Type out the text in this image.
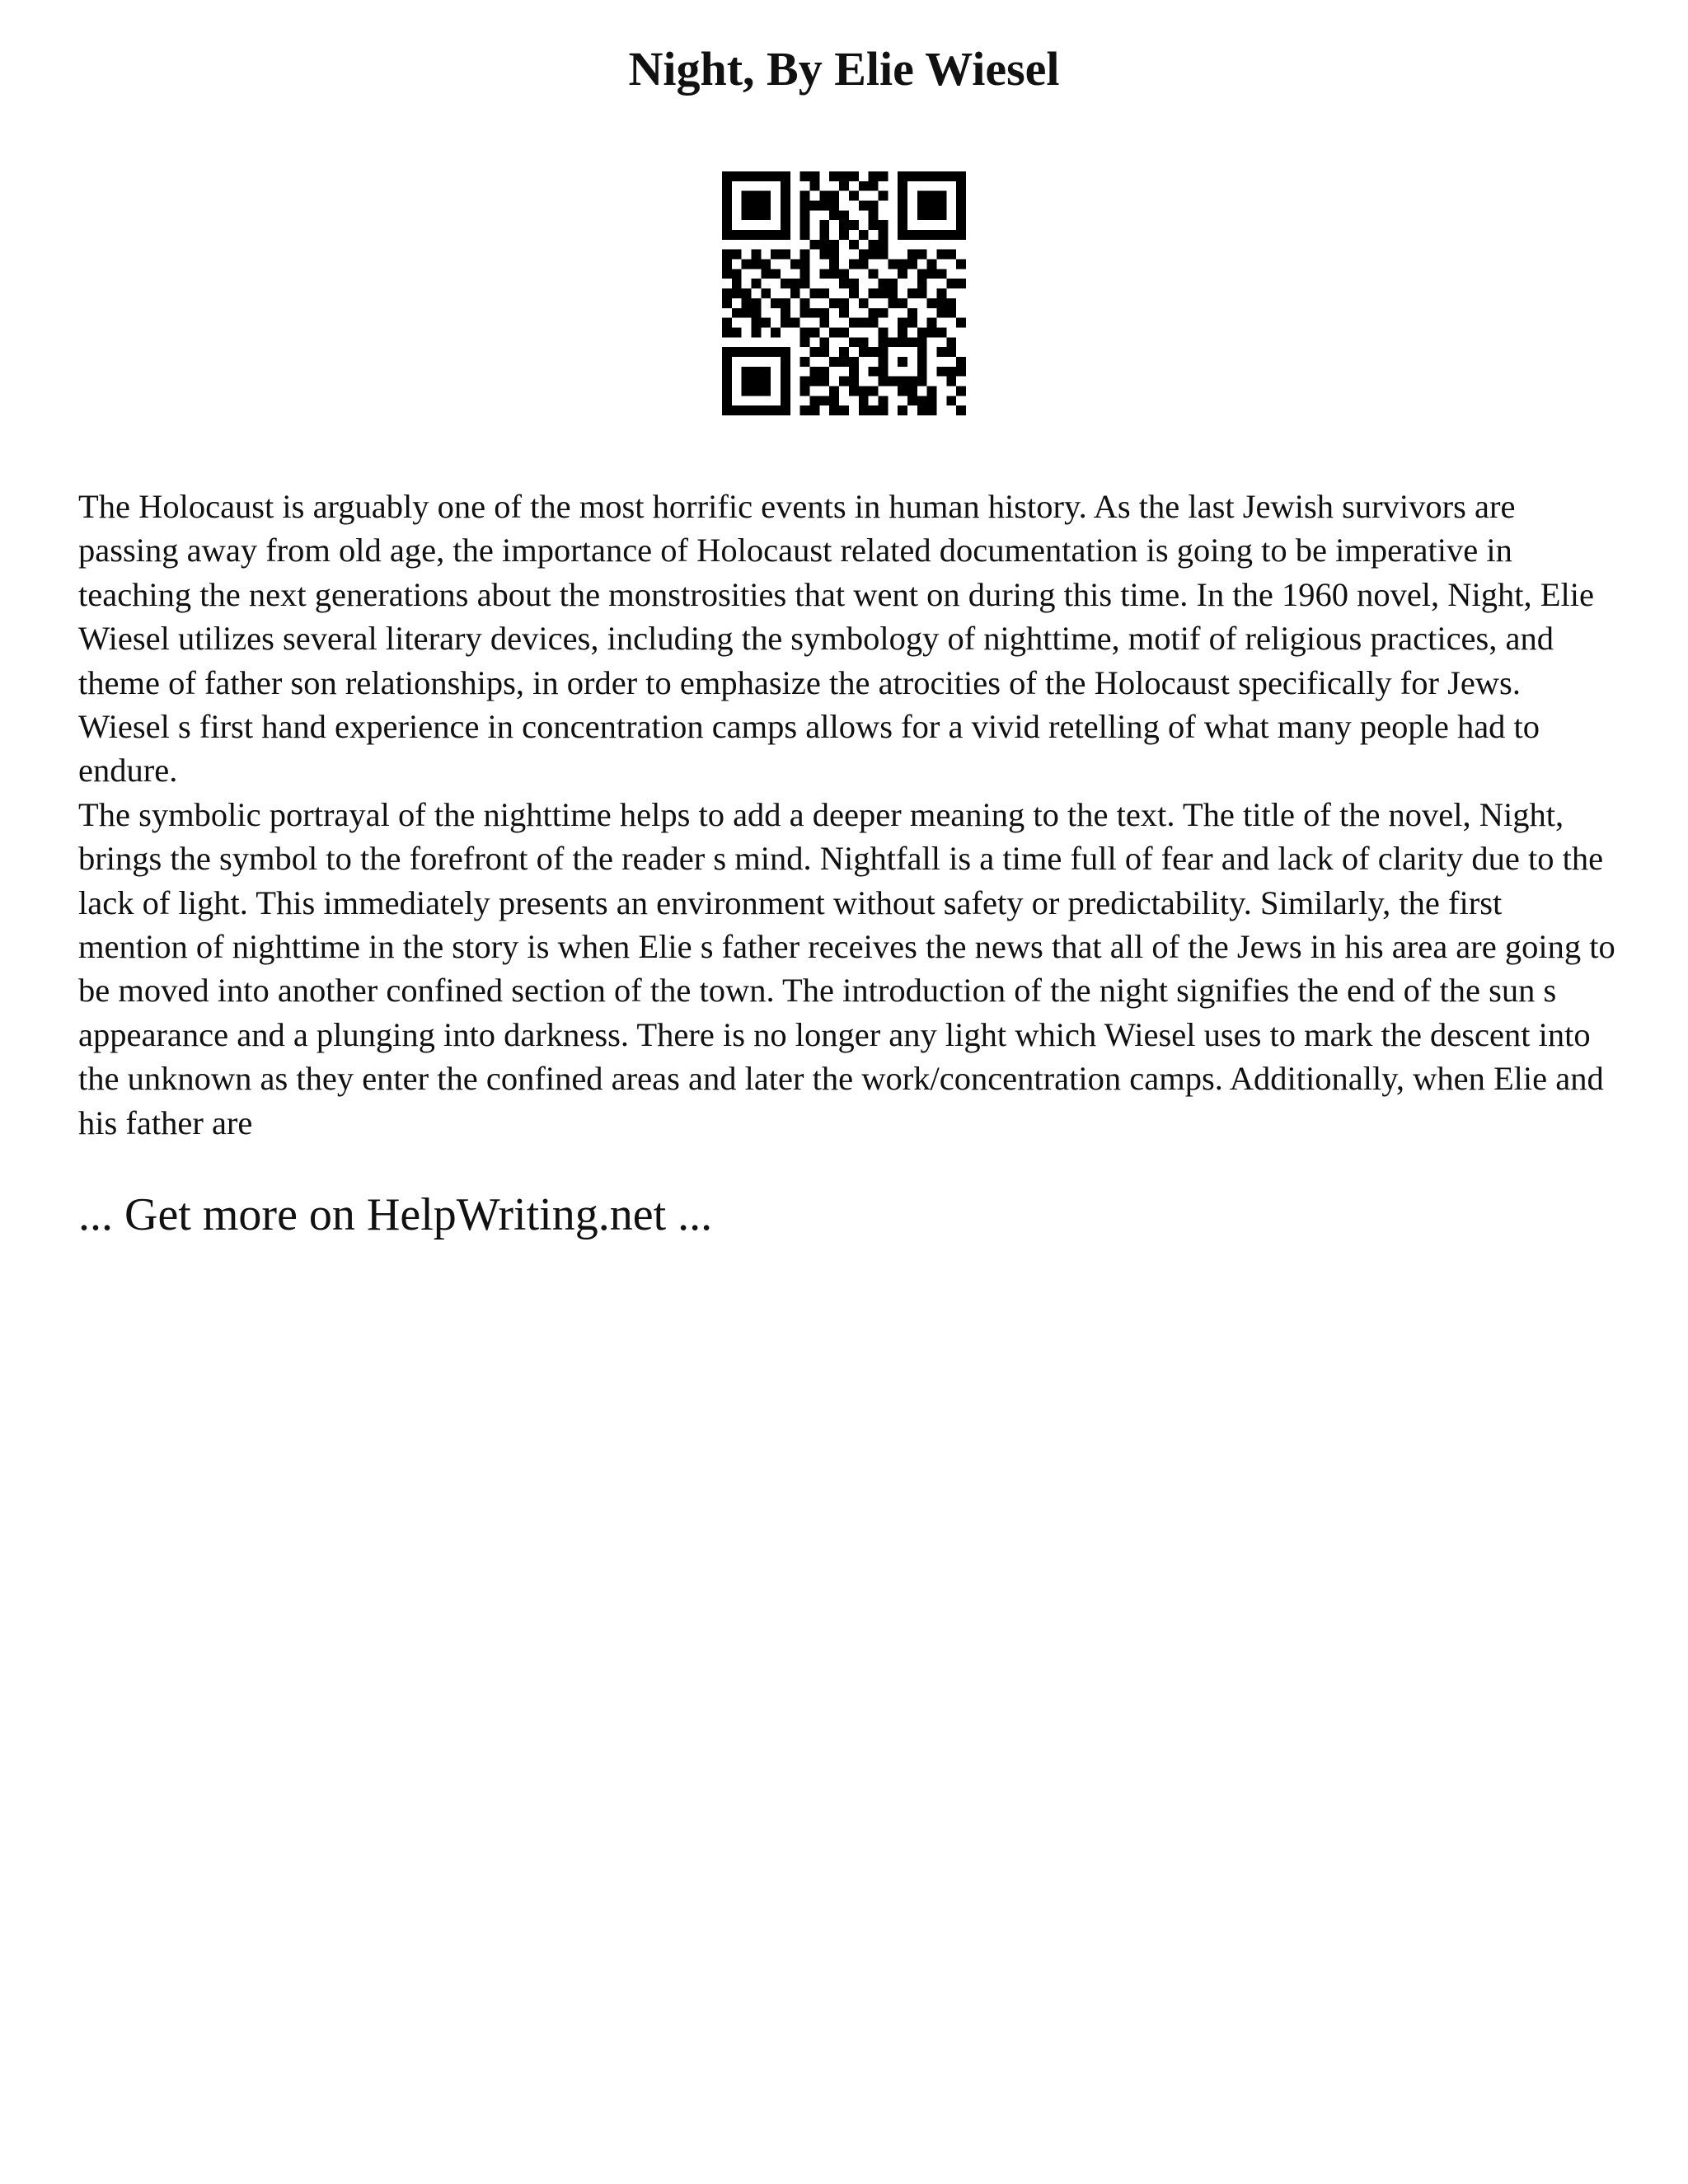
Night, By Elie Wiesel

The Holocaust is arguably one of the most horrific events in human history. As the last Jewish survivors are passing away from old age, the importance of Holocaust related documentation is going to be imperative in teaching the next generations about the monstrosities that went on during this time. In the 1960 novel, Night, Elie Wiesel utilizes several literary devices, including the symbology of nighttime, motif of religious practices, and theme of father son relationships, in order to emphasize the atrocities of the Holocaust specifically for Jews. Wiesel s first hand experience in concentration camps allows for a vivid retelling of what many people had to endure.

The symbolic portrayal of the nighttime helps to add a deeper meaning to the text. The title of the novel, Night, brings the symbol to the forefront of the reader s mind. Nightfall is a time full of fear and lack of clarity due to the lack of light. This immediately presents an environment without safety or predictability. Similarly, the first mention of nighttime in the story is when Elie s father receives the news that all of the Jews in his area are going to be moved into another confined section of the town. The introduction of the night signifies the end of the sun s appearance and a plunging into darkness. There is no longer any light which Wiesel uses to mark the descent into the unknown as they enter the confined areas and later the work/concentration camps. Additionally, when Elie and his father are

... Get more on HelpWriting.net ...
